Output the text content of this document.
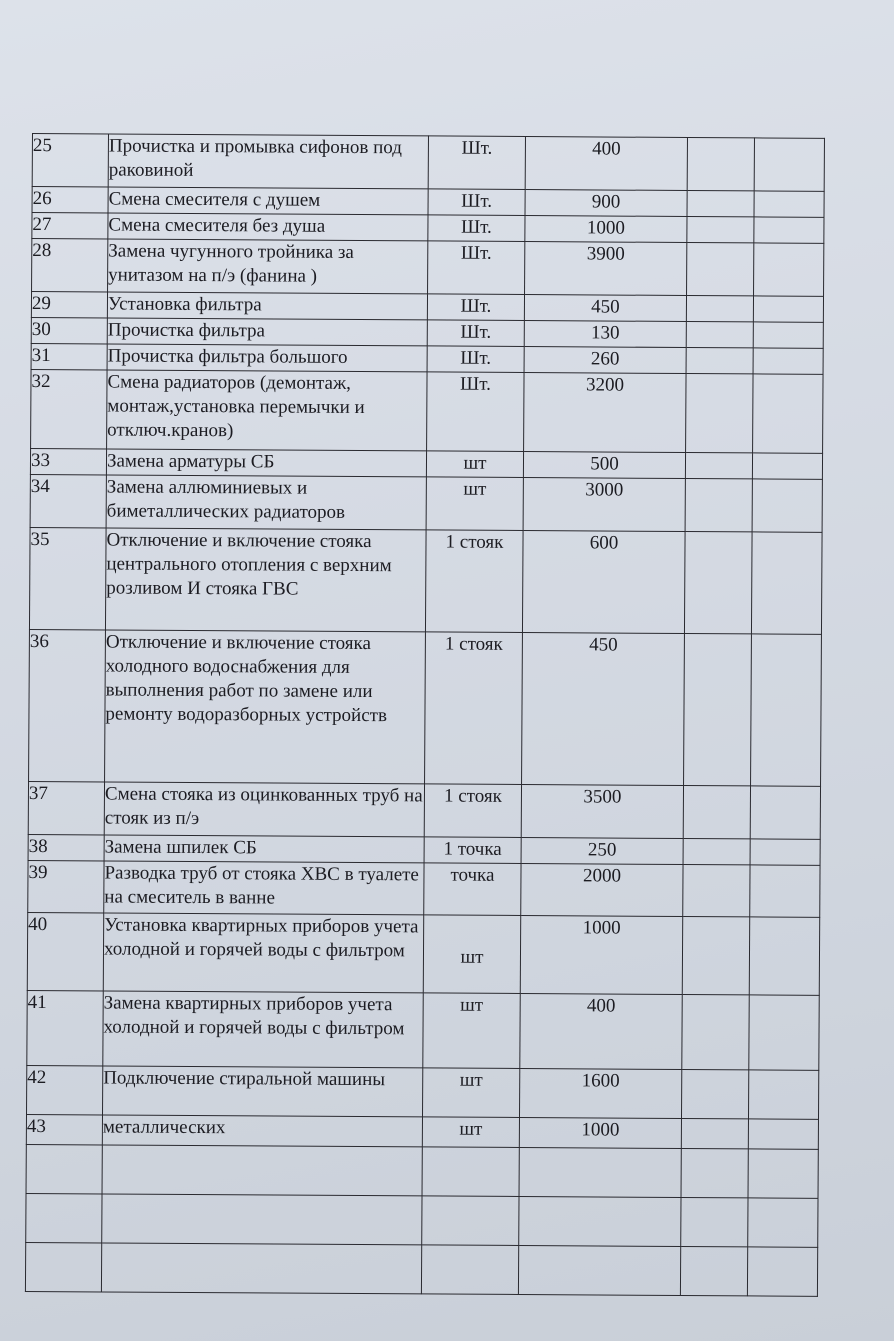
25	Прочистка и промывка сифонов под раковиной	Шт.	400		
26	Смена смесителя с душем	Шт.	900		
27	Смена смесителя без душа	Шт.	1000		
28	Замена чугунного тройника за унитазом на п/э (фанина )	Шт.	3900		
29	Установка фильтра	Шт.	450		
30	Прочистка фильтра	Шт.	130		
31	Прочистка фильтра большого	Шт.	260		
32	Смена радиаторов (демонтаж, монтаж,установка перемычки и отключ.кранов)	Шт.	3200		
33	Замена арматуры СБ	шт	500		
34	Замена аллюминиевых и биметаллических радиаторов	шт	3000		
35	Отключение и включение стояка центрального отопления с верхним розливом И стояка ГВС	1 стояк	600		
36	Отключение и включение стояка холодного водоснабжения для выполнения работ по замене или ремонту водоразборных устройств	1 стояк	450		
37	Смена стояка из оцинкованных труб на стояк из п/э	1 стояк	3500		
38	Замена шпилек СБ	1 точка	250		
39	Разводка труб от стояка ХВС в туалете на смеситель в ванне	точка	2000		
40	Установка квартирных приборов учета холодной и горячей воды с фильтром	шт	1000		
41	Замена квартирных приборов учета холодной и горячей воды с фильтром	шт	400		
42	Подключение стиральной машины	шт	1600		
43	металлических	шт	1000		
